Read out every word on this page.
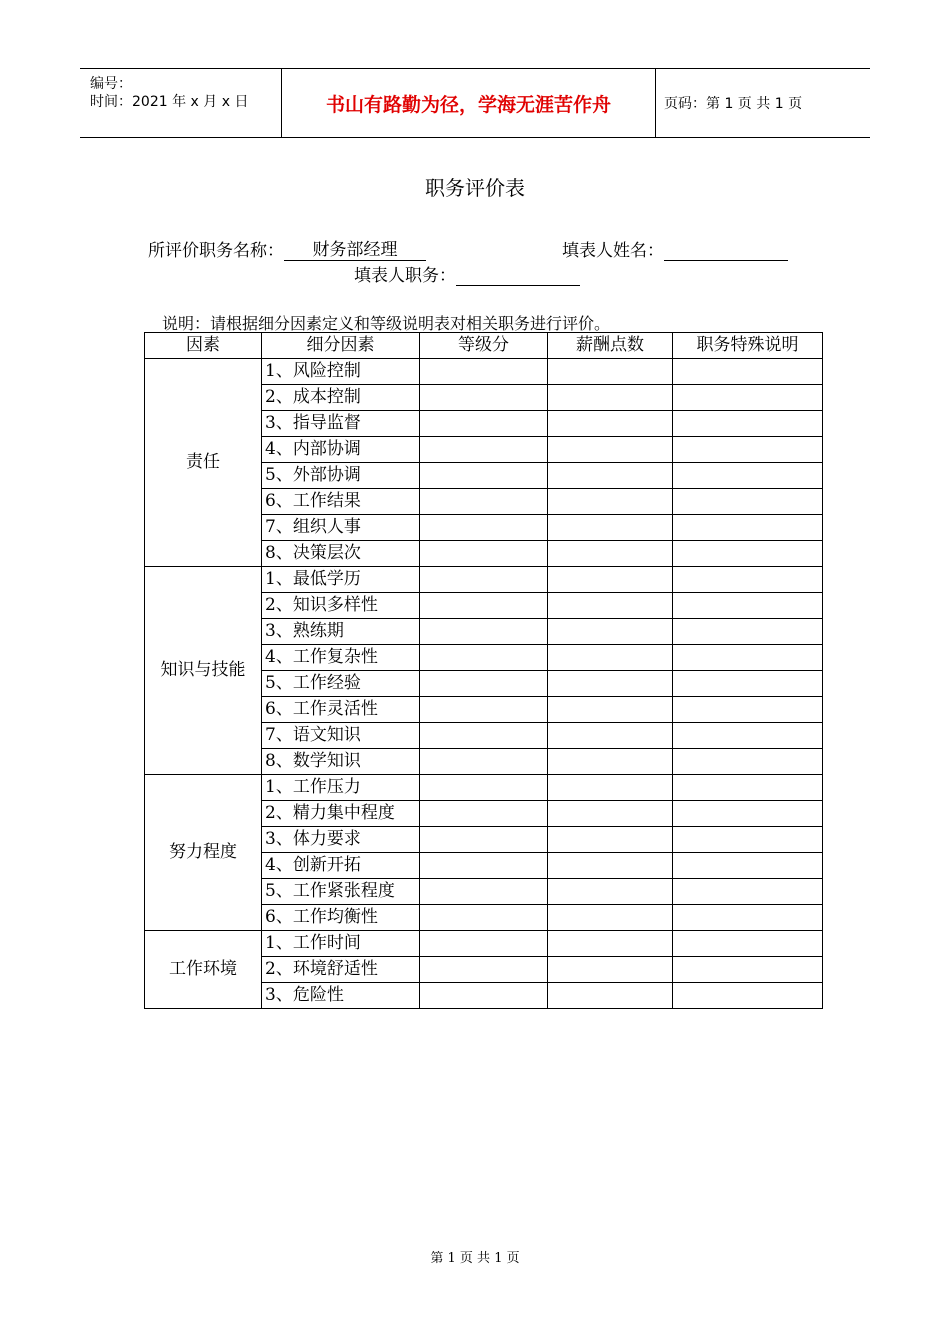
编号：
时间：2021 年 x 月 x 日	书山有路勤为径，学海无涯苦作舟	页码：第 1 页 共 1 页
职务评价表
所评价职务名称： 财务部经理	填表人姓名：
填表人职务：
说明：请根据细分因素定义和等级说明表对相关职务进行评价。
因素	细分因素	等级分	薪酬点数	职务特殊说明
责任	1、风险控制			
	2、成本控制			
	3、指导监督			
	4、内部协调			
	5、外部协调			
	6、工作结果			
	7、组织人事			
	8、决策层次			
知识与技能	1、最低学历			
	2、知识多样性			
	3、熟练期			
	4、工作复杂性			
	5、工作经验			
	6、工作灵活性			
	7、语文知识			
	8、数学知识			
努力程度	1、工作压力			
	2、精力集中程度			
	3、体力要求			
	4、创新开拓			
	5、工作紧张程度			
	6、工作均衡性			
工作环境	1、工作时间			
	2、环境舒适性			
	3、危险性			
第 1 页 共 1 页
